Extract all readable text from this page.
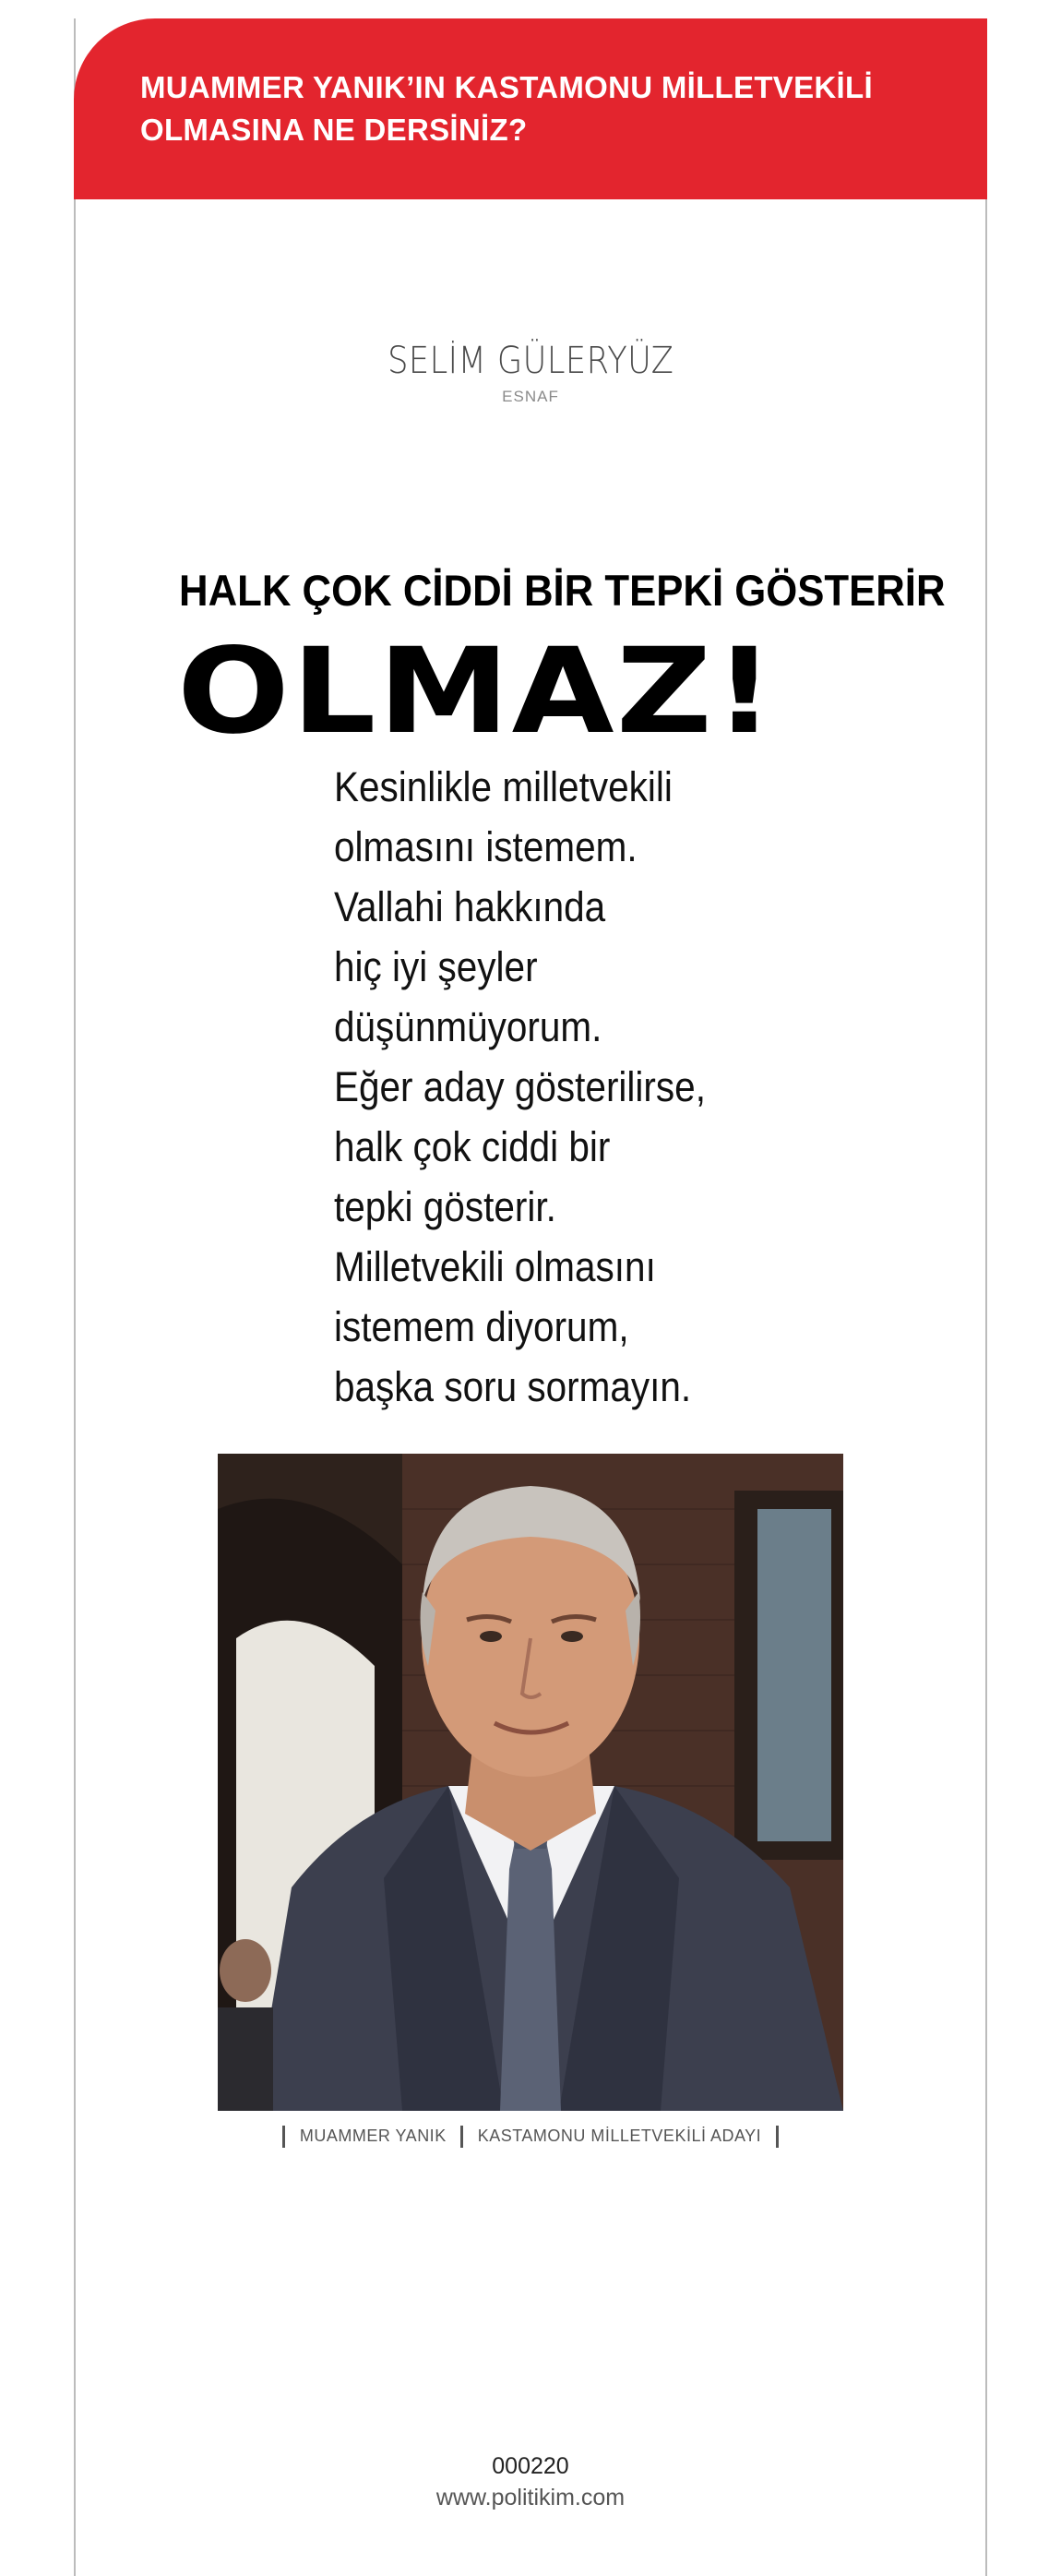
MUAMMER YANIK’IN KASTAMONU MİLLETVEKİLİ
OLMASINA NE DERSİNİZ?

SELİM GÜLERYÜZ
ESNAF
HALK ÇOK CİDDİ BİR TEPKİ GÖSTERİR
OLMAZ!
Kesinlikle milletvekili
olmasını istemem.
Vallahi hakkında
hiç iyi şeyler
düşünmüyorum.
Eğer aday gösterilirse,
halk çok ciddi bir
tepki gösterir.
Milletvekili olmasını
istemem diyorum,
başka soru sormayın.
MUAMMER YANIK KASTAMONU MİLLETVEKİLİ ADAYI
000220
www.politikim.com
